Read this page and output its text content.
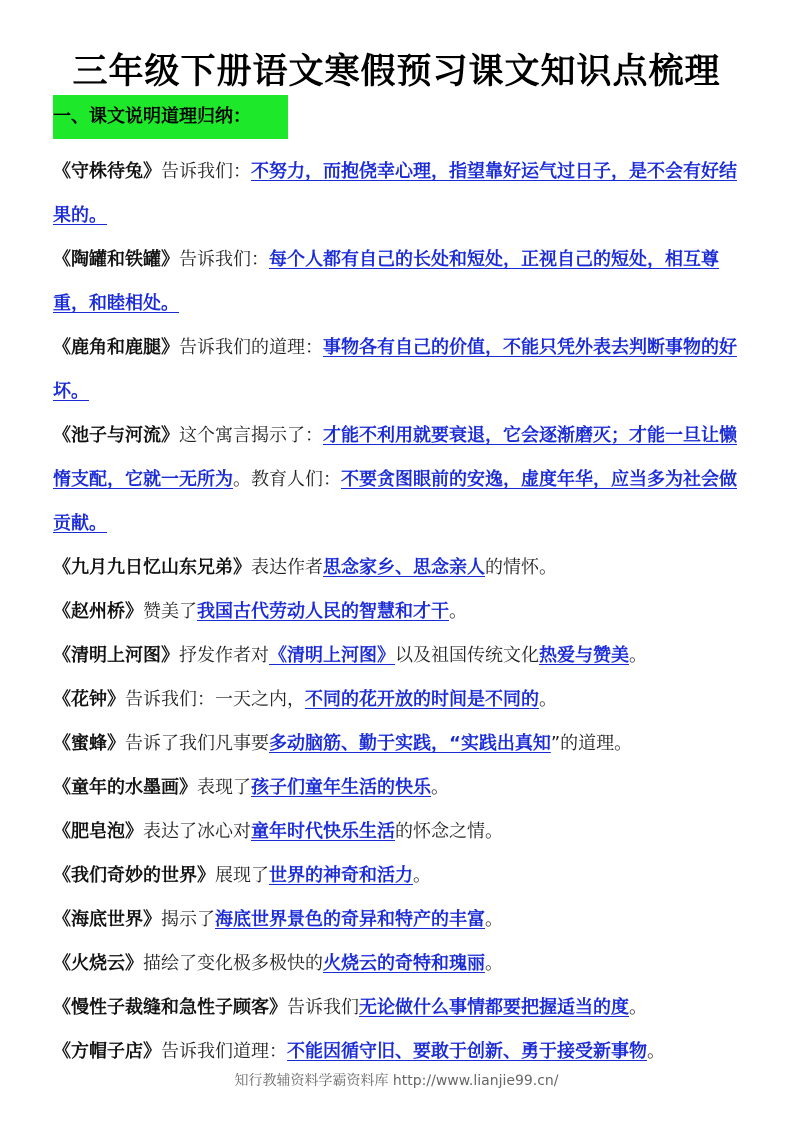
三年级下册语文寒假预习课文知识点梳理
一、课文说明道理归纳：

《守株待兔》告诉我们：不努力，而抱侥幸心理，指望靠好运气过日子，是不会有好结果的。

《陶罐和铁罐》告诉我们：每个人都有自己的长处和短处，正视自己的短处，相互尊重，和睦相处。

《鹿角和鹿腿》告诉我们的道理：事物各有自己的价值，不能只凭外表去判断事物的好坏。

《池子与河流》这个寓言揭示了：才能不利用就要衰退，它会逐渐磨灭；才能一旦让懒惰支配，它就一无所为。教育人们：不要贪图眼前的安逸，虚度年华，应当多为社会做贡献。

《九月九日忆山东兄弟》表达作者思念家乡、思念亲人的情怀。

《赵州桥》赞美了我国古代劳动人民的智慧和才干。

《清明上河图》抒发作者对《清明上河图》以及祖国传统文化热爱与赞美。

《花钟》告诉我们：一天之内，不同的花开放的时间是不同的。

《蜜蜂》告诉了我们凡事要多动脑筋、勤于实践，“实践出真知”的道理。

《童年的水墨画》表现了孩子们童年生活的快乐。

《肥皂泡》表达了冰心对童年时代快乐生活的怀念之情。

《我们奇妙的世界》展现了世界的神奇和活力。

《海底世界》揭示了海底世界景色的奇异和特产的丰富。

《火烧云》描绘了变化极多极快的火烧云的奇特和瑰丽。

《慢性子裁缝和急性子顾客》告诉我们无论做什么事情都要把握适当的度。

《方帽子店》告诉我们道理：不能因循守旧、要敢于创新、勇于接受新事物。

知行教辅资料学霸资料库 http://www.lianjie99.cn/
